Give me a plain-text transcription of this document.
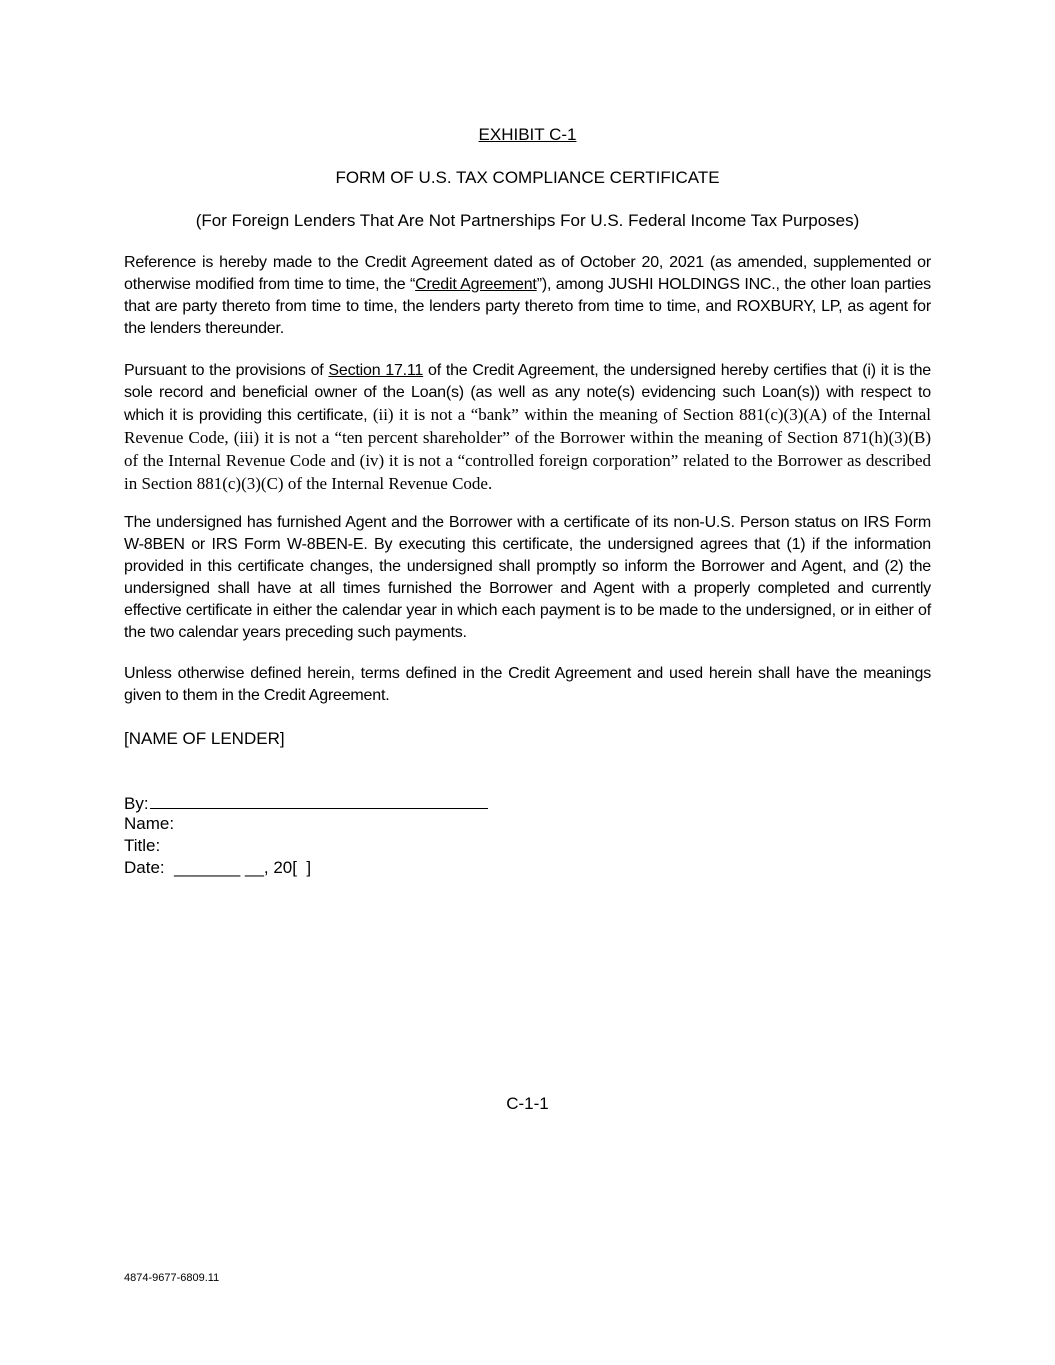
EXHIBIT C-1
FORM OF U.S. TAX COMPLIANCE CERTIFICATE
(For Foreign Lenders That Are Not Partnerships For U.S. Federal Income Tax Purposes)

Reference is hereby made to the Credit Agreement dated as of October 20, 2021 (as amended, supplemented or otherwise modified from time to time, the “Credit Agreement”), among JUSHI HOLDINGS INC., the other loan parties that are party thereto from time to time, the lenders party thereto from time to time, and ROXBURY, LP, as agent for the lenders thereunder.

Pursuant to the provisions of Section 17.11 of the Credit Agreement, the undersigned hereby certifies that (i) it is the sole record and beneficial owner of the Loan(s) (as well as any note(s) evidencing such Loan(s)) with respect to which it is providing this certificate, (ii) it is not a “bank” within the meaning of Section 881(c)(3)(A) of the Internal Revenue Code, (iii) it is not a “ten percent shareholder” of the Borrower within the meaning of Section 871(h)(3)(B) of the Internal Revenue Code and (iv) it is not a “controlled foreign corporation” related to the Borrower as described in Section 881(c)(3)(C) of the Internal Revenue Code.

The undersigned has furnished Agent and the Borrower with a certificate of its non-U.S. Person status on IRS Form W-8BEN or IRS Form W-8BEN-E. By executing this certificate, the undersigned agrees that (1) if the information provided in this certificate changes, the undersigned shall promptly so inform the Borrower and Agent, and (2) the undersigned shall have at all times furnished the Borrower and Agent with a properly completed and currently effective certificate in either the calendar year in which each payment is to be made to the undersigned, or in either of the two calendar years preceding such payments.

Unless otherwise defined herein, terms defined in the Credit Agreement and used herein shall have the meanings given to them in the Credit Agreement.

[NAME OF LENDER]
By:
Name:
Title:
Date:  _______ __, 20[  ]
C-1-1
4874-9677-6809.11
